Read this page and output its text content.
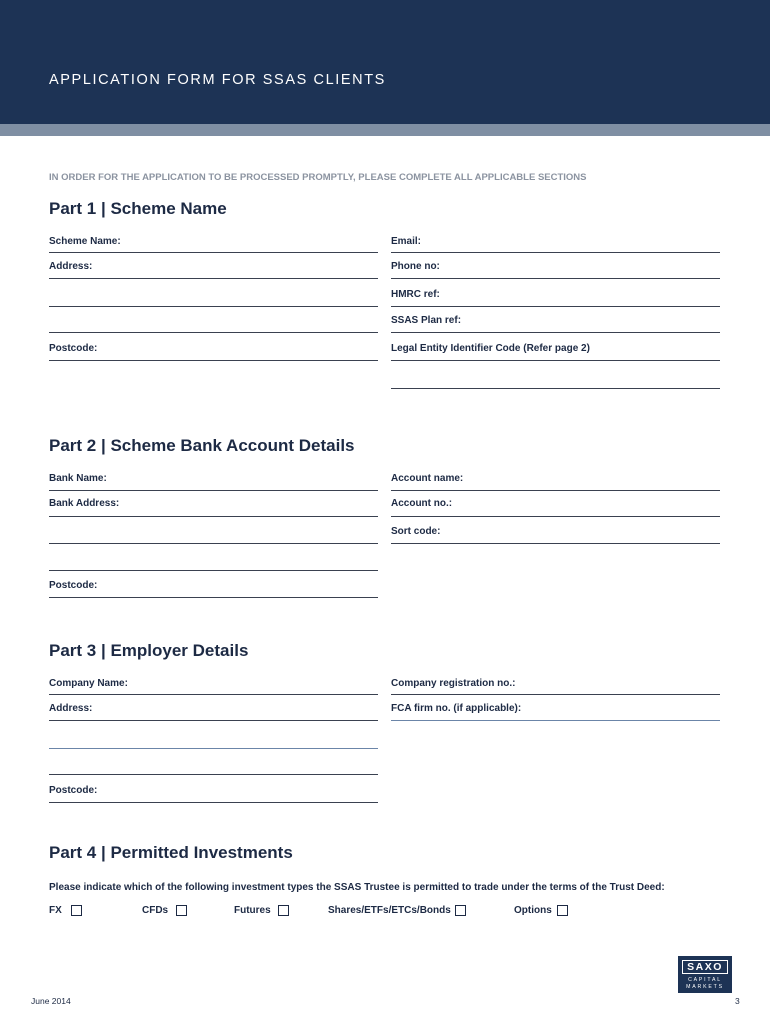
APPLICATION FORM FOR SSAS CLIENTS
IN ORDER FOR THE APPLICATION TO BE PROCESSED PROMPTLY, PLEASE COMPLETE ALL APPLICABLE SECTIONS
Part 1 | Scheme Name
Scheme Name:	Email:
Address:	Phone no:
HMRC ref:
SSAS Plan ref:
Postcode:	Legal Entity Identifier Code (Refer page 2)
Part 2 | Scheme Bank Account Details
Bank Name:	Account name:
Bank Address:	Account no.:
Sort code:
Postcode:
Part 3 | Employer Details
Company Name:	Company registration no.:
Address:	FCA firm no. (if applicable):
Postcode:
Part 4 | Permitted Investments
Please indicate which of the following investment types the SSAS Trustee is permitted to trade under the terms of the Trust Deed:
FX	CFDs	Futures	Shares/ETFs/ETCs/Bonds	Options
SAXO
CAPITAL
MARKETS
June 2014	3
